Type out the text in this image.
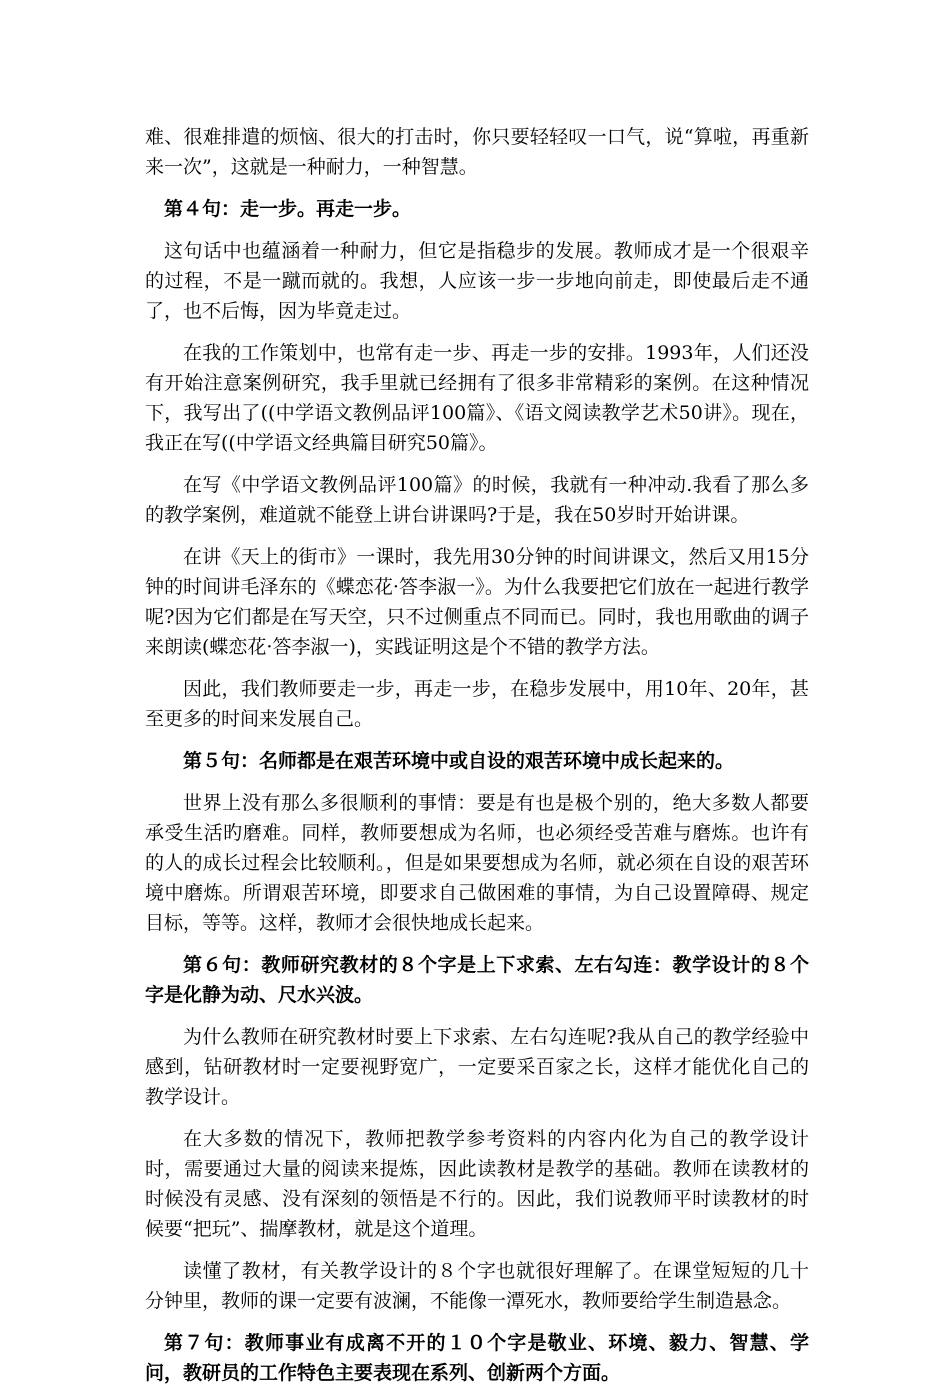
难、很难排遣的烦恼、很大的打击时，你只要轻轻叹一口气，说“算啦，再重新来一次”，这就是一种耐力，一种智慧。

第４句：走一步。再走一步。

这句话中也蕴涵着一种耐力，但它是指稳步的发展。教师成才是一个很艰辛的过程，不是一蹴而就的。我想，人应该一步一步地向前走，即使最后走不通了，也不后悔，因为毕竟走过。

在我的工作策划中，也常有走一步、再走一步的安排。1993年，人们还没有开始注意案例研究，我手里就已经拥有了很多非常精彩的案例。在这种情况下，我写出了((中学语文教例品评100篇》、《语文阅读教学艺术50讲》。现在，我正在写((中学语文经典篇目研究50篇》。

在写《中学语文教例品评100篇》的时候，我就有一种冲动.我看了那么多的教学案例，难道就不能登上讲台讲课吗?于是，我在50岁时开始讲课。

在讲《天上的街市》一课时，我先用30分钟的时间讲课文，然后又用15分钟的时间讲毛泽东的《蝶恋花·答李淑一》。为什么我要把它们放在一起进行教学呢?因为它们都是在写天空，只不过侧重点不同而已。同时，我也用歌曲的调子来朗读(蝶恋花·答李淑一)，实践证明这是个不错的教学方法。

因此，我们教师要走一步，再走一步，在稳步发展中，用10年、20年，甚至更多的时间来发展自己。

第５句：名师都是在艰苦环境中或自设的艰苦环境中成长起来的。

世界上没有那么多很顺利的事情：要是有也是极个别的，绝大多数人都要承受生活旳磨难。同样，教师要想成为名师，也必须经受苦难与磨炼。也许有的人的成长过程会比较顺利。，但是如果要想成为名师，就必须在自设的艰苦环境中磨炼。所谓艰苦环境，即要求自己做困难的事情，为自己设置障碍、规定目标，等等。这样，教师才会很快地成长起来。

第６句：教师研究教材的８个字是上下求索、左右勾连：教学设计的８个字是化静为动、尺水兴波。

为什么教师在研究教材时要上下求索、左右勾连呢?我从自己的教学经验中感到，钻研教材时一定要视野宽广，一定要采百家之长，这样才能优化自己的教学设计。

在大多数的情况下，教师把教学参考资料的内容内化为自己的教学设计时，需要通过大量的阅读来提炼，因此读教材是教学的基础。教师在读教材的时候没有灵感、没有深刻的领悟是不行的。因此，我们说教师平时读教材的时候要“把玩”、揣摩教材，就是这个道理。

读懂了教材，有关教学设计的８个字也就很好理解了。在课堂短短的几十分钟里，教师的课一定要有波澜，不能像一潭死水，教师要给学生制造悬念。

第７句：教师事业有成离不开的１０个字是敬业、环境、毅力、智慧、学问，教研员的工作特色主要表现在系列、创新两个方面。
